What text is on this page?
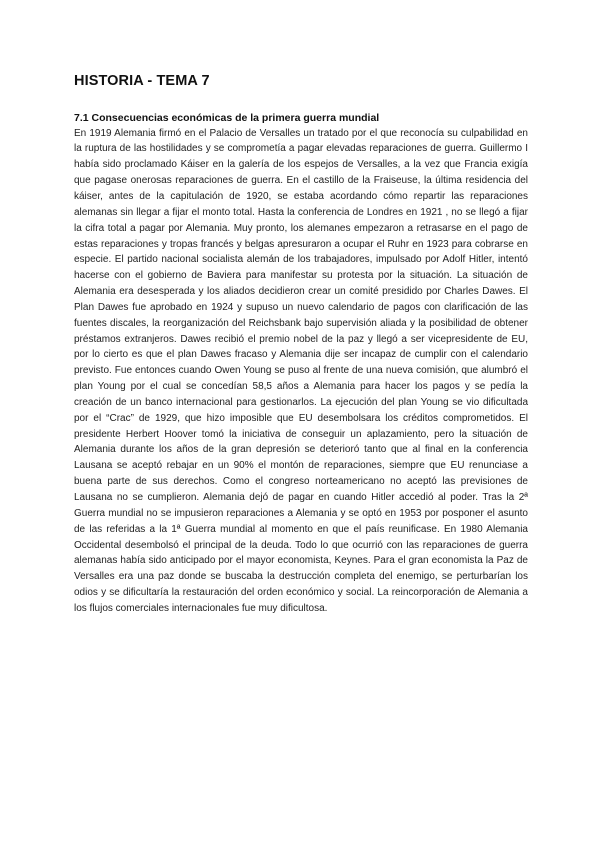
HISTORIA - TEMA 7
7.1 Consecuencias económicas de la primera guerra mundial

En 1919 Alemania firmó en el Palacio de Versalles un tratado por el que reconocía su culpabilidad en la ruptura de las hostilidades y se comprometía a pagar elevadas reparaciones de guerra. Guillermo I había sido proclamado Káiser en la galería de los espejos de Versalles, a la vez que Francia exigía que pagase onerosas reparaciones de guerra. En el castillo de la Fraiseuse, la última residencia del káiser, antes de la capitulación de 1920, se estaba acordando cómo repartir las reparaciones alemanas sin llegar a fijar el monto total. Hasta la conferencia de Londres en 1921 , no se llegó a fijar la cifra total a pagar por Alemania. Muy pronto, los alemanes empezaron a retrasarse en el pago de estas reparaciones y tropas francés y belgas apresuraron a ocupar el Ruhr en 1923 para cobrarse en especie. El partido nacional socialista alemán de los trabajadores, impulsado por Adolf Hitler, intentó hacerse con el gobierno de Baviera para manifestar su protesta por la situación. La situación de Alemania era desesperada y los aliados decidieron crear un comité presidido por Charles Dawes. El Plan Dawes fue aprobado en 1924 y supuso un nuevo calendario de pagos con clarificación de las fuentes discales, la reorganización del Reichsbank bajo supervisión aliada y la posibilidad de obtener préstamos extranjeros. Dawes recibió el premio nobel de la paz y llegó a ser vicepresidente de EU, por lo cierto es que el plan Dawes fracaso y Alemania dije ser incapaz de cumplir con el calendario previsto. Fue entonces cuando Owen Young se puso al frente de una nueva comisión, que alumbró el plan Young por el cual se concedían 58,5 años a Alemania para hacer los pagos y se pedía la creación de un banco internacional para gestionarlos. La ejecución del plan Young se vio dificultada por el “Crac” de 1929, que hizo imposible que EU desembolsara los créditos comprometidos. El presidente Herbert Hoover tomó la iniciativa de conseguir un aplazamiento, pero la situación de Alemania durante los años de la gran depresión se deterioró tanto que al final en la conferencia Lausana se aceptó rebajar en un 90% el montón de reparaciones, siempre que EU renunciase a buena parte de sus derechos. Como el congreso norteamericano no aceptó las previsiones de Lausana no se cumplieron. Alemania dejó de pagar en cuando Hitler accedió al poder. Tras la 2ª Guerra mundial no se impusieron reparaciones a Alemania y se optó en 1953 por posponer el asunto de las referidas a la 1ª Guerra mundial al momento en que el país reunificase. En 1980 Alemania Occidental desembolsó el principal de la deuda. Todo lo que ocurrió con las reparaciones de guerra alemanas había sido anticipado por el mayor economista, Keynes. Para el gran economista la Paz de Versalles era una paz donde se buscaba la destrucción completa del enemigo, se perturbarían los odios y se dificultaría la restauración del orden económico y social. La reincorporación de Alemania a los flujos comerciales internacionales fue muy dificultosa.
